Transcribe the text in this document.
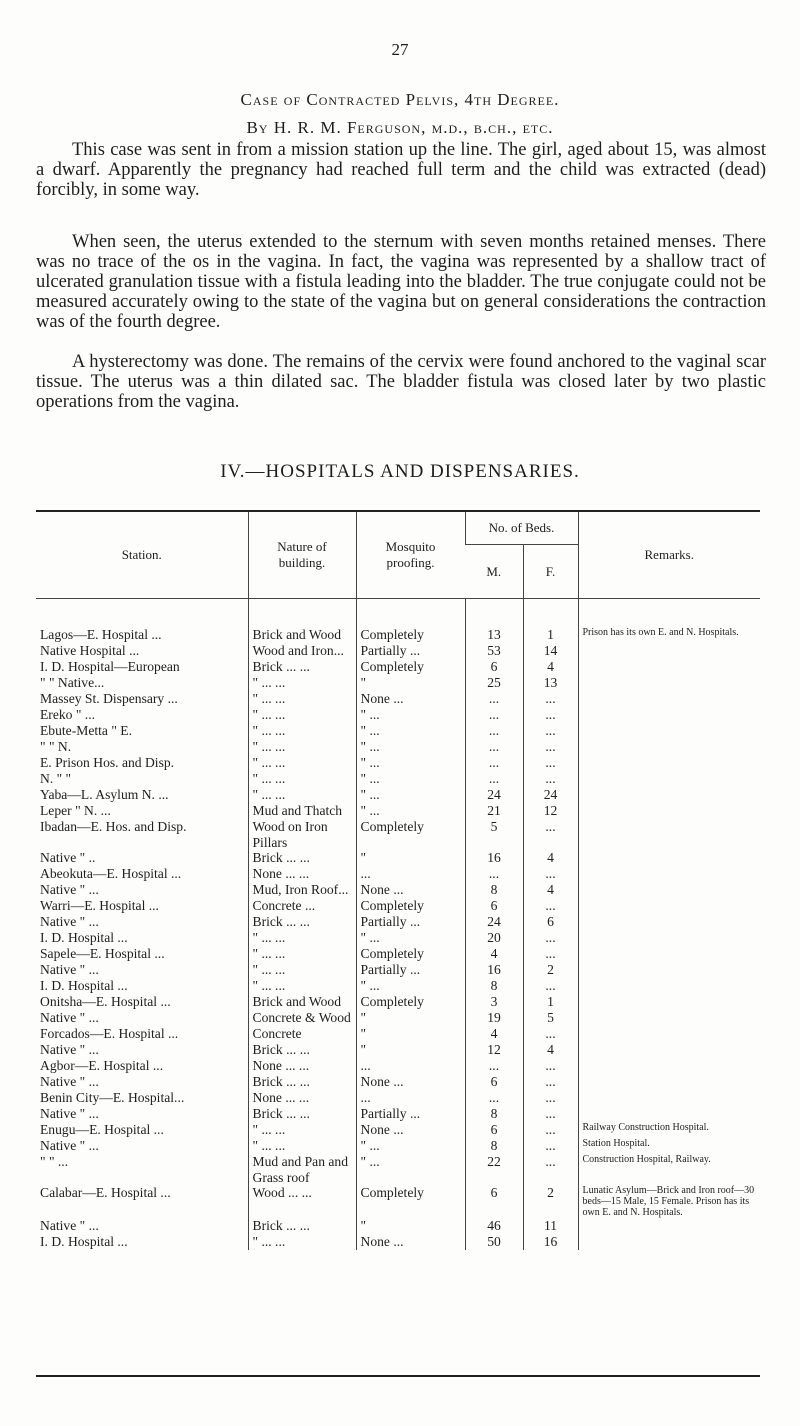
27
Case of Contracted Pelvis, 4th Degree.
By H. R. M. Ferguson, m.d., b.ch., etc.

This case was sent in from a mission station up the line. The girl, aged about 15, was almost a dwarf. Apparently the pregnancy had reached full term and the child was extracted (dead) forcibly, in some way.

When seen, the uterus extended to the sternum with seven months retained menses. There was no trace of the os in the vagina. In fact, the vagina was represented by a shallow tract of ulcerated granulation tissue with a fistula leading into the bladder. The true conjugate could not be measured accurately owing to the state of the vagina but on general considerations the contraction was of the fourth degree.

A hysterectomy was done. The remains of the cervix were found anchored to the vaginal scar tissue. The uterus was a thin dilated sac. The bladder fistula was closed later by two plastic operations from the vagina.

IV.—HOSPITALS AND DISPENSARIES.
Station.	Nature of building.	Mosquito proofing.	No. of Beds.		Remarks.
			M.	F.	
Lagos—E. Hospital ...	Brick and Wood	Completely	13	1	Prison has its own E. and N. Hospitals.
Native Hospital ...	Wood and Iron...	Partially ...	53	14	
I. D. Hospital—European	Brick ... ...	Completely	6	4	
" " Native...	" ... ...	"	25	13	
Massey St. Dispensary ...	" ... ...	None ...	...	...	
Ereko " ...	" ... ...	" ...	...	...	
Ebute-Metta " E.	" ... ...	" ...	...	...	
" " N.	" ... ...	" ...	...	...	
E. Prison Hos. and Disp.	" ... ...	" ...	...	...	
N. " "	" ... ...	" ...	...	...	
Yaba—L. Asylum N. ...	" ... ...	" ...	24	24	
Leper " N. ...	Mud and Thatch	" ...	21	12	
Ibadan—E. Hos. and Disp.	Wood on Iron Pillars	Completely	5	...	
Native " ..	Brick ... ...	"	16	4	
Abeokuta—E. Hospital ...	None ... ...	...	...	...	
Native " ...	Mud, Iron Roof...	None ...	8	4	
Warri—E. Hospital ...	Concrete ...	Completely	6	...	
Native " ...	Brick ... ...	Partially ...	24	6	
I. D. Hospital ...	" ... ...	" ...	20	...	
Sapele—E. Hospital ...	" ... ...	Completely	4	...	
Native " ...	" ... ...	Partially ...	16	2	
I. D. Hospital ...	" ... ...	" ...	8	...	
Onitsha—E. Hospital ...	Brick and Wood	Completely	3	1	
Native " ...	Concrete & Wood	"	19	5	
Forcados—E. Hospital ...	Concrete	"	4	...	
Native " ...	Brick ... ...	"	12	4	
Agbor—E. Hospital ...	None ... ...	...	...	...	
Native " ...	Brick ... ...	None ...	6	...	
Benin City—E. Hospital...	None ... ...	...	...	...	
Native " ...	Brick ... ...	Partially ...	8	...	
Enugu—E. Hospital ...	" ... ...	None ...	6	...	Railway Construction Hospital.
Native " ...	" ... ...	" ...	8	...	Station Hospital.
" " ...	Mud and Pan and Grass roof	" ...	22	...	Construction Hospital, Railway.
Calabar—E. Hospital ...	Wood ... ...	Completely	6	2	Lunatic Asylum—Brick and Iron roof—30 beds—15 Male, 15 Female. Prison has its own E. and N. Hospitals.
Native " ...	Brick ... ...	"	46	11	
I. D. Hospital ...	" ... ...	None ...	50	16	
